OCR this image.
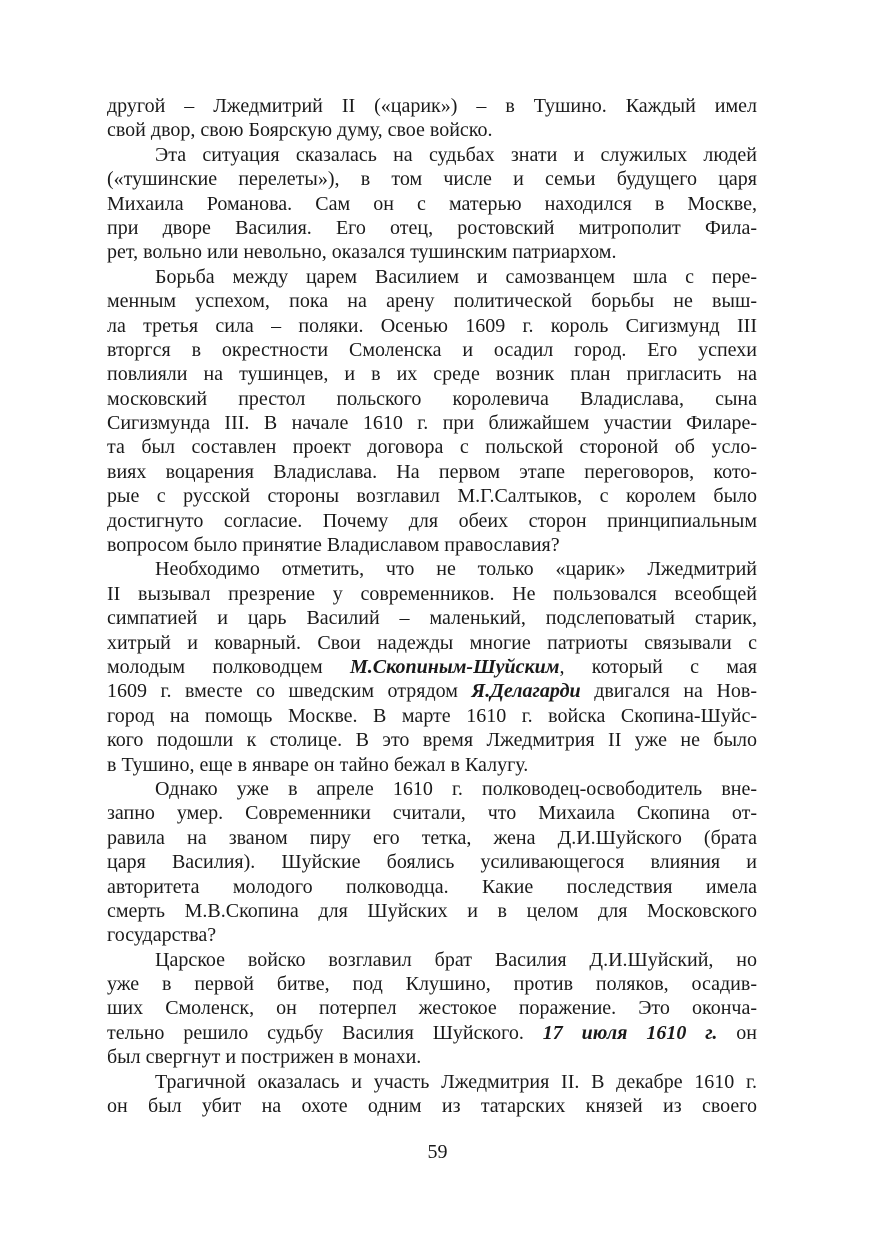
другой – Лжедмитрий II («царик») – в Тушино. Каждый имел
свой двор, свою Боярскую думу, свое войско.
Эта ситуация сказалась на судьбах знати и служилых людей
(«тушинские перелеты»), в том числе и семьи будущего царя
Михаила Романова. Сам он с матерью находился в Москве,
при дворе Василия. Его отец, ростовский митрополит Фила-
рет, вольно или невольно, оказался тушинским патриархом.
Борьба между царем Василием и самозванцем шла с пере-
менным успехом, пока на арену политической борьбы не выш-
ла третья сила – поляки. Осенью 1609 г. король Сигизмунд III
вторгся в окрестности Смоленска и осадил город. Его успехи
повлияли на тушинцев, и в их среде возник план пригласить на
московский престол польского королевича Владислава, сына
Сигизмунда III. В начале 1610 г. при ближайшем участии Филаре-
та был составлен проект договора с польской стороной об усло-
виях воцарения Владислава. На первом этапе переговоров, кото-
рые с русской стороны возглавил М.Г.Салтыков, с королем было
достигнуто согласие. Почему для обеих сторон принципиальным
вопросом было принятие Владиславом православия?
Необходимо отметить, что не только «царик» Лжедмитрий
II вызывал презрение у современников. Не пользовался всеобщей
симпатией и царь Василий – маленький, подслеповатый старик,
хитрый и коварный. Свои надежды многие патриоты связывали с
молодым полководцем М.Скопиным-Шуйским, который с мая
1609 г. вместе со шведским отрядом Я.Делагарди двигался на Нов-
город на помощь Москве. В марте 1610 г. войска Скопина-Шуйс-
кого подошли к столице. В это время Лжедмитрия II уже не было
в Тушино, еще в январе он тайно бежал в Калугу.
Однако уже в апреле 1610 г. полководец-освободитель вне-
запно умер. Современники считали, что Михаила Скопина от-
равила на званом пиру его тетка, жена Д.И.Шуйского (брата
царя Василия). Шуйские боялись усиливающегося влияния и
авторитета молодого полководца. Какие последствия имела
смерть М.В.Скопина для Шуйских и в целом для Московского
государства?
Царское войско возглавил брат Василия Д.И.Шуйский, но
уже в первой битве, под Клушино, против поляков, осадив-
ших Смоленск, он потерпел жестокое поражение. Это оконча-
тельно решило судьбу Василия Шуйского. 17 июля 1610 г. он
был свергнут и пострижен в монахи.
Трагичной оказалась и участь Лжедмитрия II. В декабре 1610 г.
он был убит на охоте одним из татарских князей из своего
59
